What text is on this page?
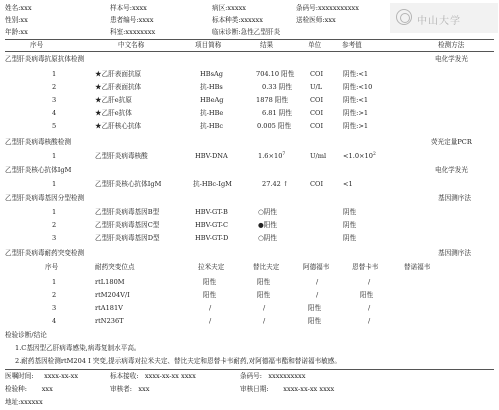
姓名:xxx	样本号:xxxx	病区:xxxxx	条码号:xxxxxxxxxxx
性别:xx	患者编号:xxxx	标本种类:xxxxxx	送检医师:xxx
年龄:xx	科室:xxxxxxxx	临床诊断:急性乙型肝炎
中山大学
序号	中文名称	项目简称	结果	单位	参考值	检测方法
乙型肝炎病毒抗原抗体检测	电化学发光
1	★乙肝表面抗原	HBsAg	704.10 阳性 COI	阴性:<1
2	★乙肝表面抗体	抗-HBs	0.33 阴性	U/L	阴性:<10
3	★乙肝e抗原	HBeAg	1878 阳性	COI	阴性:<1
4	★乙肝e抗体	抗-HBe	6.81 阴性	COI	阴性:>1
5	★乙肝核心抗体	抗-HBc	0.005 阳性	COI	阴性:>1
乙型肝炎病毒核酸检测	荧光定量PCR
1	乙型肝炎病毒核酸	HBV-DNA	$1.6\times 10^7$	U/ml	$<1.0\times 10^2$
乙型肝炎核心抗体IgM	电化学发光
1	乙型肝炎核心抗体IgM	抗-HBc-IgM	27.42 ↑	COI	<1
乙型肝炎病毒基因分型检测	基因测序法
1	乙型肝炎病毒基因B型	HBV-GT-B	○阴性	阴性
2	乙型肝炎病毒基因C型	HBV-GT-C	●阳性	阴性
3	乙型肝炎病毒基因D型	HBV-GT-D	○阴性	阴性
乙型肝炎病毒耐药突变检测	基因测序法
序号	耐药突变位点	拉米夫定	替比夫定	阿德福韦	恩替卡韦	替诺福韦
1	rtL180M	阳性	阳性	/	/
2	rtM204V/I	阳性	阳性	/	阳性
3	rtA181V	/	/	阳性	/
4	rtN236T	/	/	阳性	/
检验诊断/结论
1.C基因型乙肝病毒感染,病毒复制水平高。
2.耐药基因检测rtM204 I 突变,提示病毒对拉米夫定、替比夫定和恩替卡韦耐药,对阿德福韦酯和替诺福韦敏感。
医嘱时间: xxxx-xx-xx	标本接收: xxxx-xx-xx xxxx	条码号: xxxxxxxxxx
检验种: xxx	审核者: xxx	审核日期: xxxx-xx-xx xxxx
地址:xxxxxx
